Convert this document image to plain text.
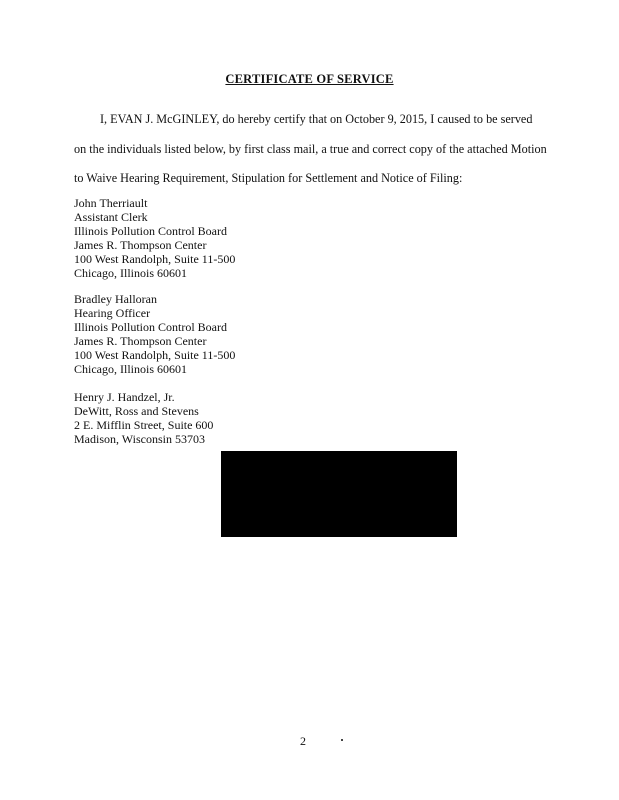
CERTIFICATE OF SERVICE
I, EVAN J. McGINLEY, do hereby certify that on October 9, 2015, I caused to be served
on the individuals listed below, by first class mail, a true and correct copy of the attached Motion
to Waive Hearing Requirement, Stipulation for Settlement and Notice of Filing:
John Therriault
Assistant Clerk
Illinois Pollution Control Board
James R. Thompson Center
100 West Randolph, Suite 11-500
Chicago, Illinois 60601
Bradley Halloran
Hearing Officer
Illinois Pollution Control Board
James R. Thompson Center
100 West Randolph, Suite 11-500
Chicago, Illinois 60601
Henry J. Handzel, Jr.
DeWitt, Ross and Stevens
2 E. Mifflin Street, Suite 600
Madison, Wisconsin 53703
2
